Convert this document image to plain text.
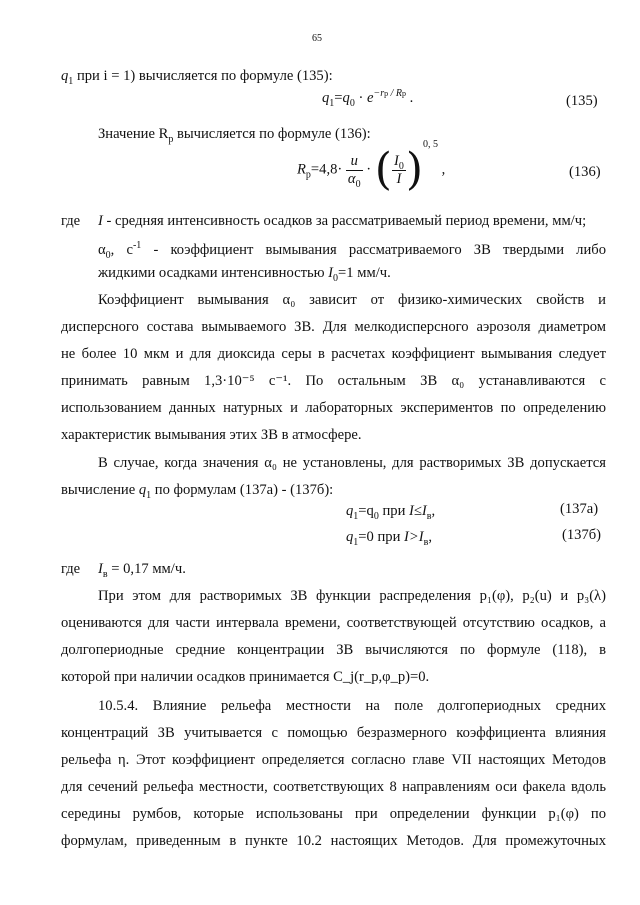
65
$q_1$ при i = 1) вычисляется по формуле (135):
$q_1=q_0 \cdot e^{-rр / Rр}$ .	(135)
Значение $R_р$ вычисляется по формуле (136):
$R_р=4,8\cdot \frac{u}{\alpha_0}$ · ( $\frac{I_0}{I} )^{0, 5}$ ,	(136)
где I - средняя интенсивность осадков за рассматриваемый период времени, мм/ч;
$\alpha_0$, $с^{-1}$ - коэффициент вымывания рассматриваемого ЗВ твердыми либо
жидкими осадками интенсивностью $I_0=1$ мм/ч.
Коэффициент вымывания α₀ зависит от физико-химических свойств и
дисперсного состава вымываемого ЗВ. Для мелкодисперсного аэрозоля диаметром
не более 10 мкм и для диоксида серы в расчетах коэффициент вымывания следует
принимать равным 1,3·10⁻⁵ с⁻¹. По остальным ЗВ α₀ устанавливаются с
использованием данных натурных и лабораторных экспериментов по определению
характеристик вымывания этих ЗВ в атмосфере.
В случае, когда значения α₀ не установлены, для растворимых ЗВ допускается
вычисление $q_1$ по формулам (137а) - (137б):
$q_1=q_0$ при $I\le I_в$,	(137а)
$q_1=0$ при $I>I_в$,	(137б)
где $I_в = 0,17$ мм/ч.
При этом для растворимых ЗВ функции распределения p₁(φ), p₂(u) и p₃(λ)
оцениваются для части интервала времени, соответствующей отсутствию осадков, а
долгопериодные средние концентрации ЗВ вычисляются по формуле (118), в
которой при наличии осадков принимается C_j(r_р,φ_р)=0.
10.5.4. Влияние рельефа местности на поле долгопериодных средних
концентраций ЗВ учитывается с помощью безразмерного коэффициента влияния
рельефа η. Этот коэффициент определяется согласно главе VII настоящих Методов
для сечений рельефа местности, соответствующих 8 направлениям оси факела вдоль
середины румбов, которые использованы при определении функции p₁(φ) по
формулам, приведенным в пункте 10.2 настоящих Методов. Для промежуточных
